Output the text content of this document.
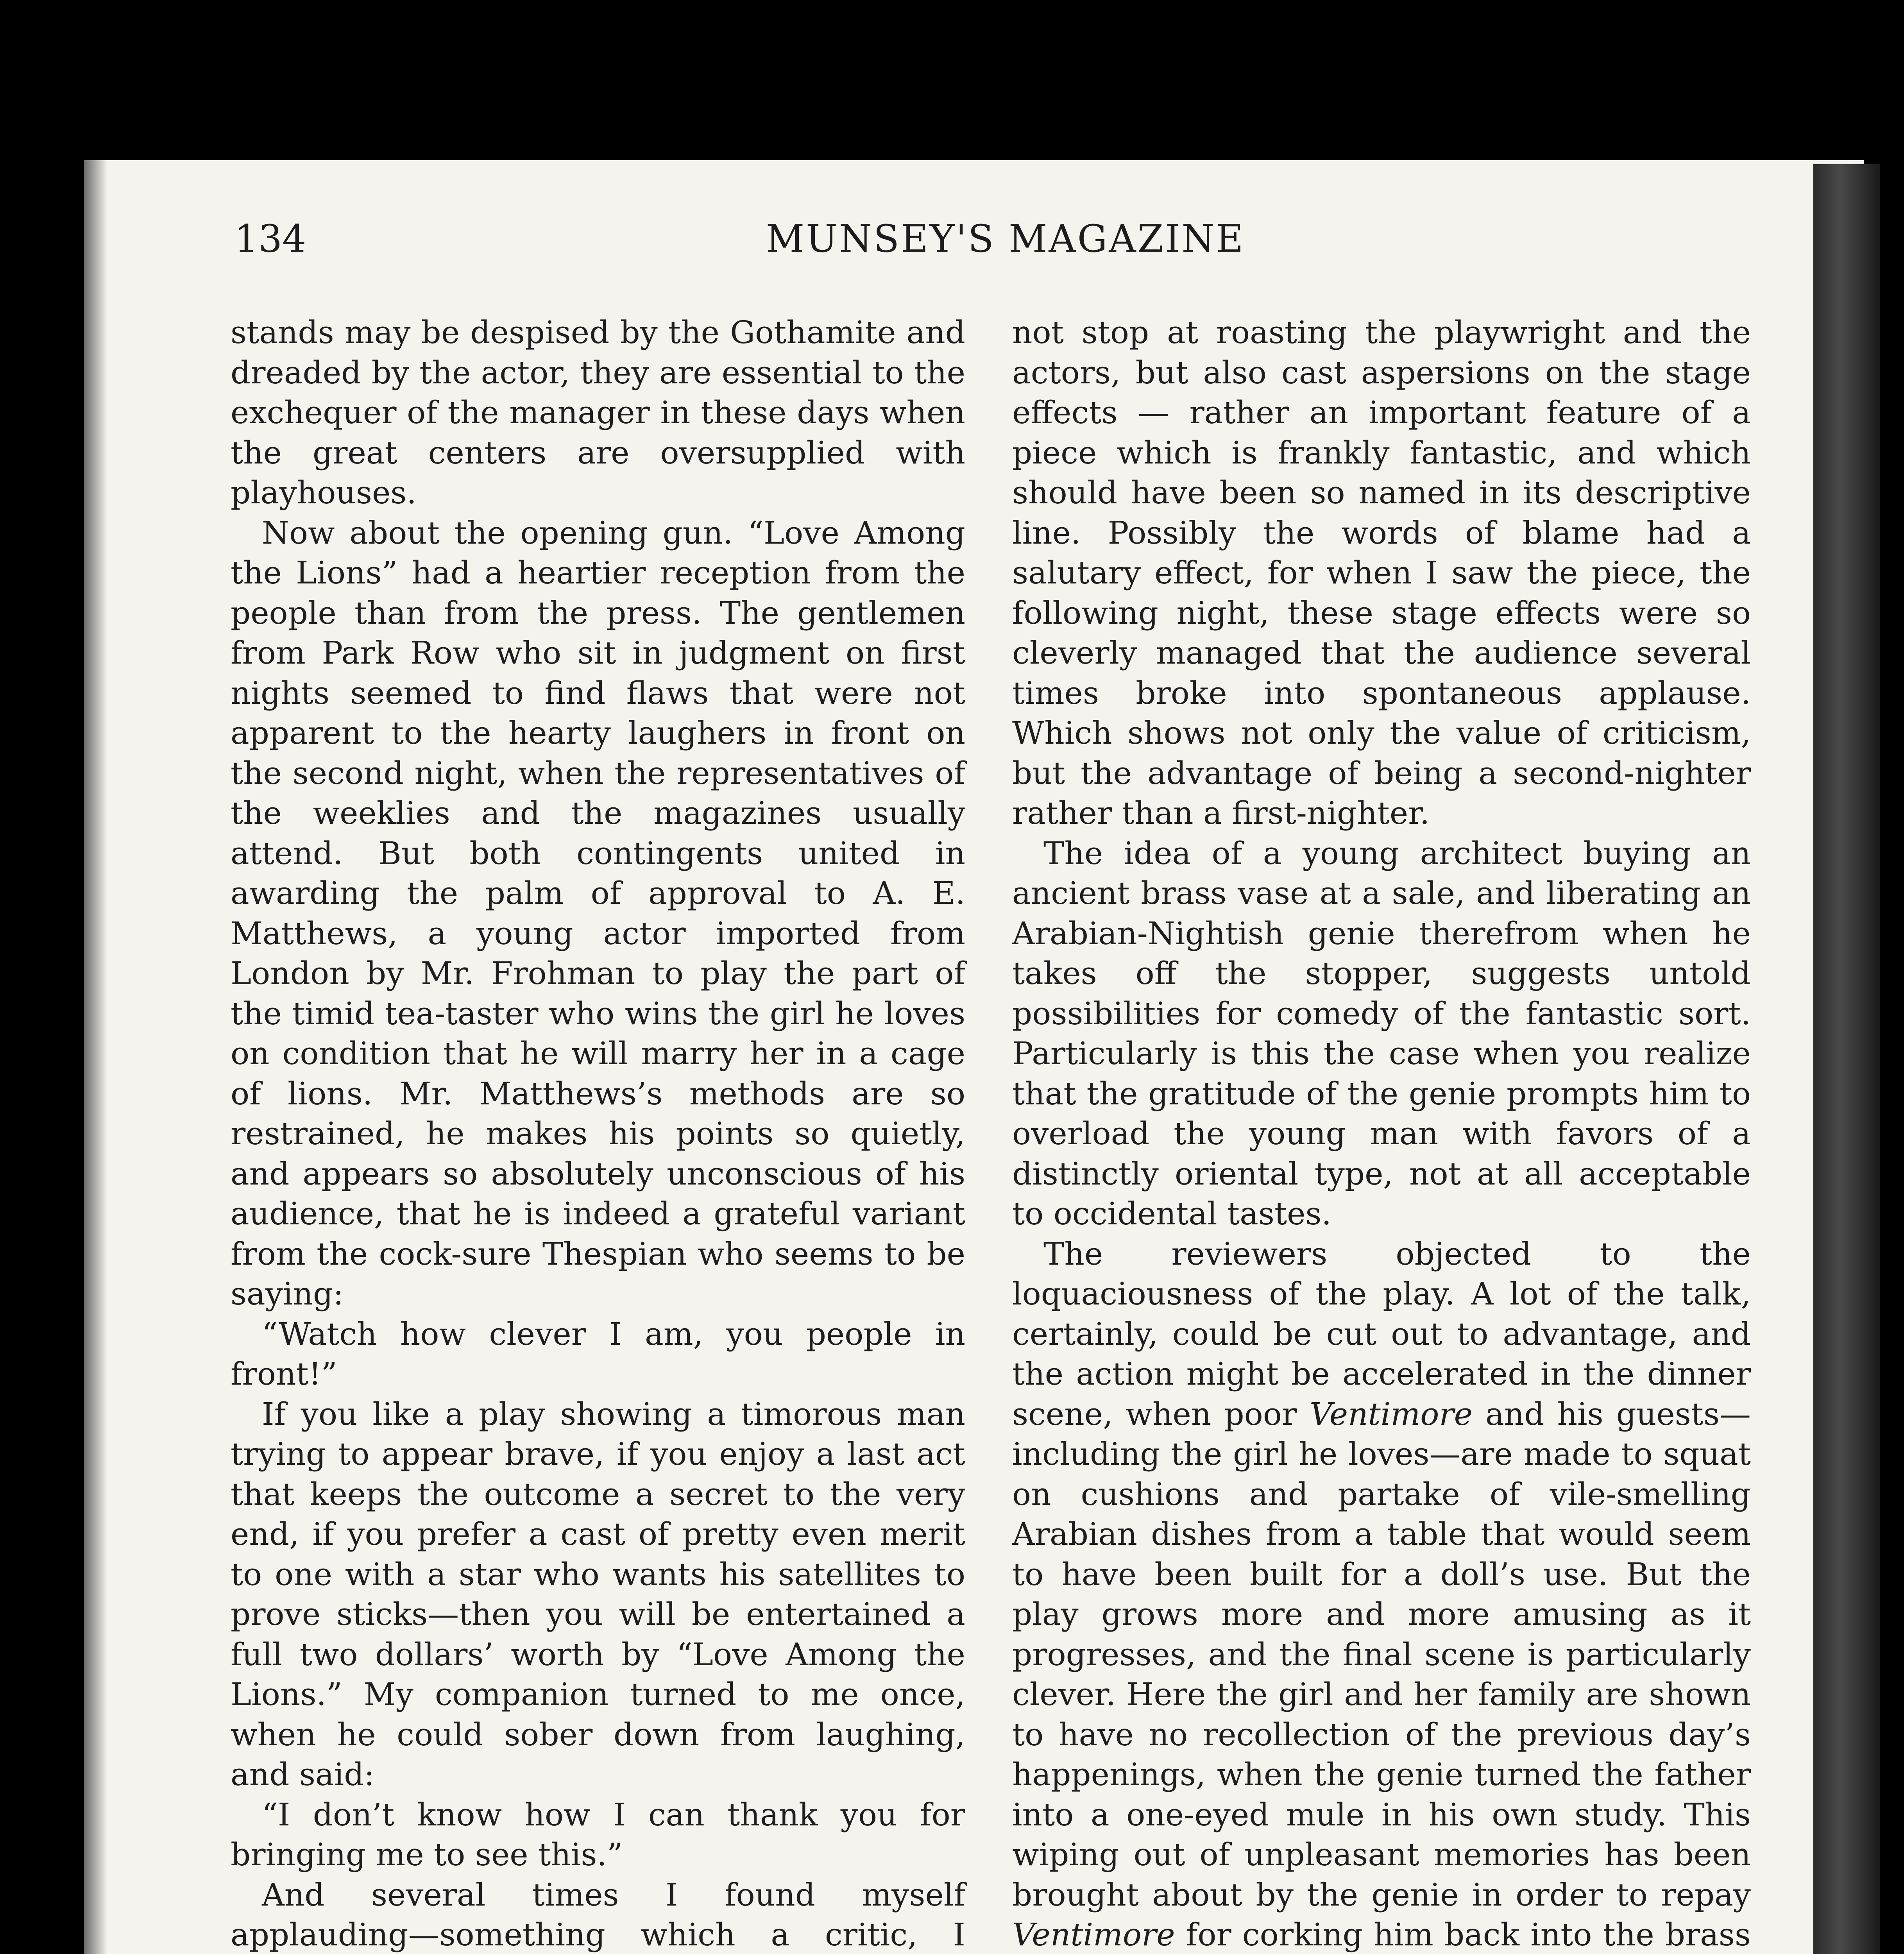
134	MUNSEY'S MAGAZINE

stands may be despised by the Gothamite and dreaded by the actor, they are essential to the exchequer of the manager in these days when the great centers are oversupplied with playhouses.

Now about the opening gun. “Love Among the Lions” had a heartier reception from the people than from the press. The gentlemen from Park Row who sit in judgment on first nights seemed to find flaws that were not apparent to the hearty laughers in front on the second night, when the representatives of the weeklies and the magazines usually attend. But both contingents united in awarding the palm of approval to A. E. Matthews, a young actor imported from London by Mr. Frohman to play the part of the timid tea-taster who wins the girl he loves on condition that he will marry her in a cage of lions. Mr. Matthews’s methods are so restrained, he makes his points so quietly, and appears so absolutely unconscious of his audience, that he is indeed a grateful variant from the cock-sure Thespian who seems to be saying:

“Watch how clever I am, you people in front!”

If you like a play showing a timorous man trying to appear brave, if you enjoy a last act that keeps the outcome a secret to the very end, if you prefer a cast of pretty even merit to one with a star who wants his satellites to prove sticks—then you will be entertained a full two dollars’ worth by “Love Among the Lions.” My companion turned to me once, when he could sober down from laughing, and said:

“I don’t know how I can thank you for bringing me to see this.”

And several times I found myself applauding—something which a critic, I

not stop at roasting the playwright and the actors, but also cast aspersions on the stage effects — rather an important feature of a piece which is frankly fantastic, and which should have been so named in its descriptive line. Possibly the words of blame had a salutary effect, for when I saw the piece, the following night, these stage effects were so cleverly managed that the audience several times broke into spontaneous applause. Which shows not only the value of criticism, but the advantage of being a second-nighter rather than a first-nighter.

The idea of a young architect buying an ancient brass vase at a sale, and liberating an Arabian-Nightish genie therefrom when he takes off the stopper, suggests untold possibilities for comedy of the fantastic sort. Particularly is this the case when you realize that the gratitude of the genie prompts him to overload the young man with favors of a distinctly oriental type, not at all acceptable to occidental tastes.

The reviewers objected to the loquaciousness of the play. A lot of the talk, certainly, could be cut out to advantage, and the action might be accelerated in the dinner scene, when poor Ventimore and his guests—including the girl he loves—are made to squat on cushions and partake of vile-smelling Arabian dishes from a table that would seem to have been built for a doll’s use. But the play grows more and more amusing as it progresses, and the final scene is particularly clever. Here the girl and her family are shown to have no recollection of the previous day’s happenings, when the genie turned the father into a one-eyed mule in his own study. This wiping out of unpleasant memories has been brought about by the genie in order to repay Ventimore for corking him back into the brass
